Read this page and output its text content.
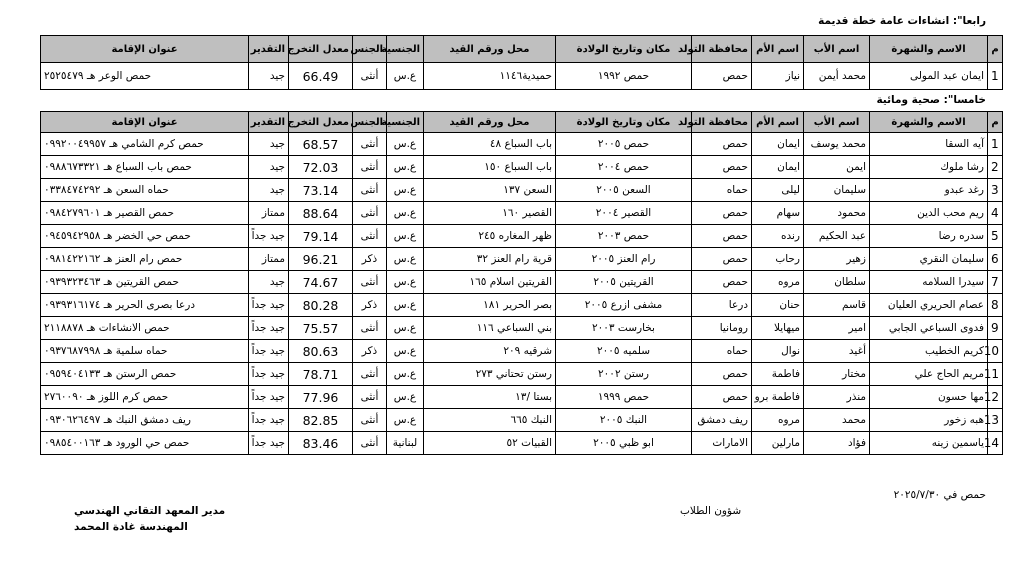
رابعا": انشاءات عامة خطة قديمة
م	الاسم والشهرة	اسم الأب	اسم الأم	محافظة التولد	مكان وتاريخ الولادة	محل ورقم القيد	الجنسية	الجنس	معدل التخرج	التقدير	عنوان الإقامة
1	ايمان عبد المولى	محمد أيمن	نياز	حمص	حمص ١٩٩٢	حميدية١١٤٦	ع.س	أنثى	66.49	جيد	حمص الوعر هـ ٢٥٢٥٤٧٩
خامسا": صحية ومائية
م	الاسم والشهرة	اسم الأب	اسم الأم	محافظة التولد	مكان وتاريخ الولادة	محل ورقم القيد	الجنسية	الجنس	معدل التخرج	التقدير	عنوان الإقامة
1	آيه السقا	محمد يوسف	ايمان	حمص	حمص ٢٠٠٥	باب السباع ٤٨	ع.س	أنثى	68.57	جيد	حمص كرم الشامي هـ ٠٩٩٢٠٠٤٩٩٥٧
2	رشا ملوك	ايمن	ايمان	حمص	حمص ٢٠٠٤	باب السباع ١٥٠	ع.س	أنثى	72.03	جيد	حمص باب السباع هـ ٠٩٨٨٦٧٣٣٢١
3	رغد عبدو	سليمان	ليلى	حماه	السعن ٢٠٠٥	السعن ١٣٧	ع.س	أنثى	73.14	جيد	حماه السعن هـ ٠٣٣٨٤٧٤٢٩٢
4	ريم محب الدين	محمود	سهام	حمص	القصير ٢٠٠٤	القصير ١٦٠	ع.س	أنثى	88.64	ممتاز	حمص القصير هـ ٠٩٨٤٢٧٩٦٠١
5	سدره رضا	عبد الحكيم	رنده	حمص	حمص ٢٠٠٣	ظهر المغاره ٢٤٥	ع.س	أنثى	79.14	جيد جداً	حمص حي الخضر هـ ٠٩٤٥٩٤٢٩٥٨
6	سليمان النقري	زهير	رحاب	حمص	رام العنز ٢٠٠٥	قرية رام العنز ٣٢	ع.س	ذكر	96.21	ممتاز	حمص رام العنز هـ ٠٩٨١٤٢٢١٦٢
7	سيدرا السلامه	سلطان	مروه	حمص	القريتين ٢٠٠٥	القريتين اسلام ١٦٥	ع.س	أنثى	74.67	جيد	حمص القريتين هـ ٠٩٣٩٣٢٣٤٦٣
8	عصام الحريري العليان	قاسم	حنان	درعا	مشفى ازرع ٢٠٠٥	بصر الحرير ١٨١	ع.س	ذكر	80.28	جيد جداً	درعا بصرى الحرير هـ ٠٩٣٩٣١٦١٧٤
9	فدوى السباعي الجابي	امير	ميهايلا	رومانيا	بخارست ٢٠٠٣	بني السباعي ١١٦	ع.س	أنثى	75.57	جيد جداً	حمص الانشاءات هـ ٢١١٨٨٧٨
10	كريم الخطيب	أغيد	نوال	حماه	سلميه ٢٠٠٥	شرقيه ٢٠٩	ع.س	ذكر	80.63	جيد جداً	حماه سلمية هـ ٠٩٣٧٦٨٧٩٩٨
11	مريم الحاج علي	مختار	فاطمة	حمص	رستن ٢٠٠٢	رستن تحتاني ٢٧٣	ع.س	أنثى	78.71	جيد جداً	حمص الرستن هـ ٠٩٥٩٤٠٤١٣٣
12	مها حسون	منذر	فاطمة برو	حمص	حمص ١٩٩٩	بستا /١٣	ع.س	أنثى	77.96	جيد جداً	حمص كرم اللوز هـ ٢٧٦٠٠٩٠
13	هبه زخور	محمد	مروه	ريف دمشق	النبك ٢٠٠٥	النبك ٦٦٥	ع.س	أنثى	82.85	جيد جداً	ريف دمشق النبك هـ ٠٩٣٠٦٢٦٤٩٧
14	ياسمين زينه	فؤاد	مارلين	الامارات	ابو ظبي ٢٠٠٥	القبيات ٥٢	لبنانية	أنثى	83.46	جيد جداً	حمص حي الورود هـ ٠٩٨٥٤٠٠١٦٣
حمص في ٢٠٢٥/٧/٣٠
شؤون الطلاب
مدير المعهد التقاني الهندسي
المهندسة غادة المحمد
